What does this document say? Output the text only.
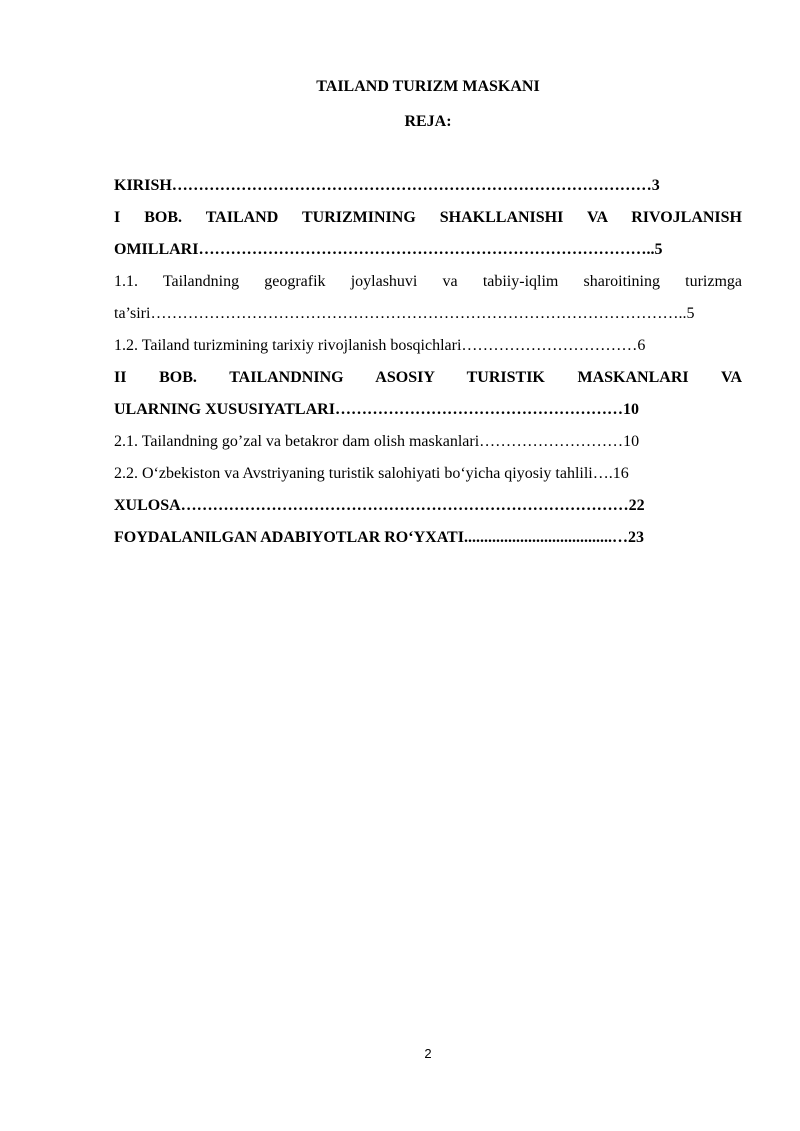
TAILAND TURIZM MASKANI
REJA:
KIRISH………………………………………………………………………………3
I BOB. TAILAND TURIZMINING SHAKLLANISHI VA RIVOJLANISH
OMILLARI…………………………………………………………………………..5
1.1. Tailandning geografik joylashuvi va tabiiy-iqlim sharoitining turizmga
ta’siri………………………………………………………………………………………..5
1.2. Tailand turizmining tarixiy rivojlanish bosqichlari……………………………6
II BOB. TAILANDNING ASOSIY TURISTIK MASKANLARI VA
ULARNING XUSUSIYATLARI………………………………………………10
2.1. Tailandning go’zal va betakror dam olish maskanlari………………………10
2.2. O‘zbekiston va Avstriyaning turistik salohiyati bo‘yicha qiyosiy tahlili….16
XULOSA…………………………………………………………………………22
FOYDALANILGAN ADABIYOTLAR RO‘YXATI.....................................…23
2
